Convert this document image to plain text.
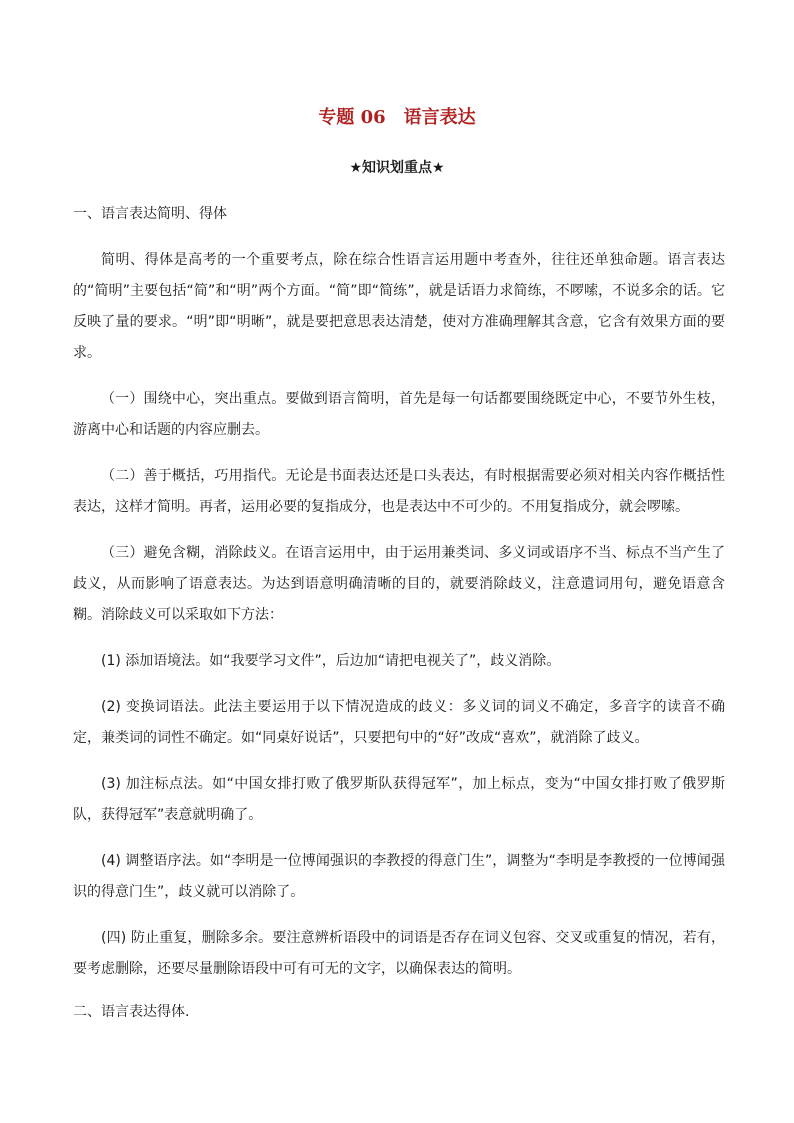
专题 06　语言表达
★知识划重点★

一、语言表达简明、得体

简明、得体是高考的一个重要考点，除在综合性语言运用题中考查外，往往还单独命题。语言表达的“简明”主要包括“简”和“明”两个方面。“简”即“简练”，就是话语力求简练，不啰嗦，不说多余的话。它反映了量的要求。“明”即“明晰”，就是要把意思表达清楚，使对方准确理解其含意，它含有效果方面的要求。

（一）围绕中心，突出重点。要做到语言简明，首先是每一句话都要围绕既定中心，不要节外生枝，游离中心和话题的内容应删去。

（二）善于概括，巧用指代。无论是书面表达还是口头表达，有时根据需要必须对相关内容作概括性表达，这样才简明。再者，运用必要的复指成分，也是表达中不可少的。不用复指成分，就会啰嗦。

（三）避免含糊，消除歧义。在语言运用中，由于运用兼类词、多义词或语序不当、标点不当产生了歧义，从而影响了语意表达。为达到语意明确清晰的目的，就要消除歧义，注意遣词用句，避免语意含糊。消除歧义可以采取如下方法：

(1) 添加语境法。如“我要学习文件”，后边加“请把电视关了”，歧义消除。

(2) 变换词语法。此法主要运用于以下情况造成的歧义：多义词的词义不确定，多音字的读音不确定，兼类词的词性不确定。如“同桌好说话”，只要把句中的“好”改成“喜欢”，就消除了歧义。

(3) 加注标点法。如“中国女排打败了俄罗斯队获得冠军”，加上标点，变为“中国女排打败了俄罗斯队，获得冠军”表意就明确了。

(4) 调整语序法。如“李明是一位博闻强识的李教授的得意门生”，调整为“李明是李教授的一位博闻强识的得意门生”，歧义就可以消除了。

(四) 防止重复，删除多余。要注意辨析语段中的词语是否存在词义包容、交叉或重复的情况，若有，要考虑删除，还要尽量删除语段中可有可无的文字，以确保表达的简明。

二、语言表达得体.
